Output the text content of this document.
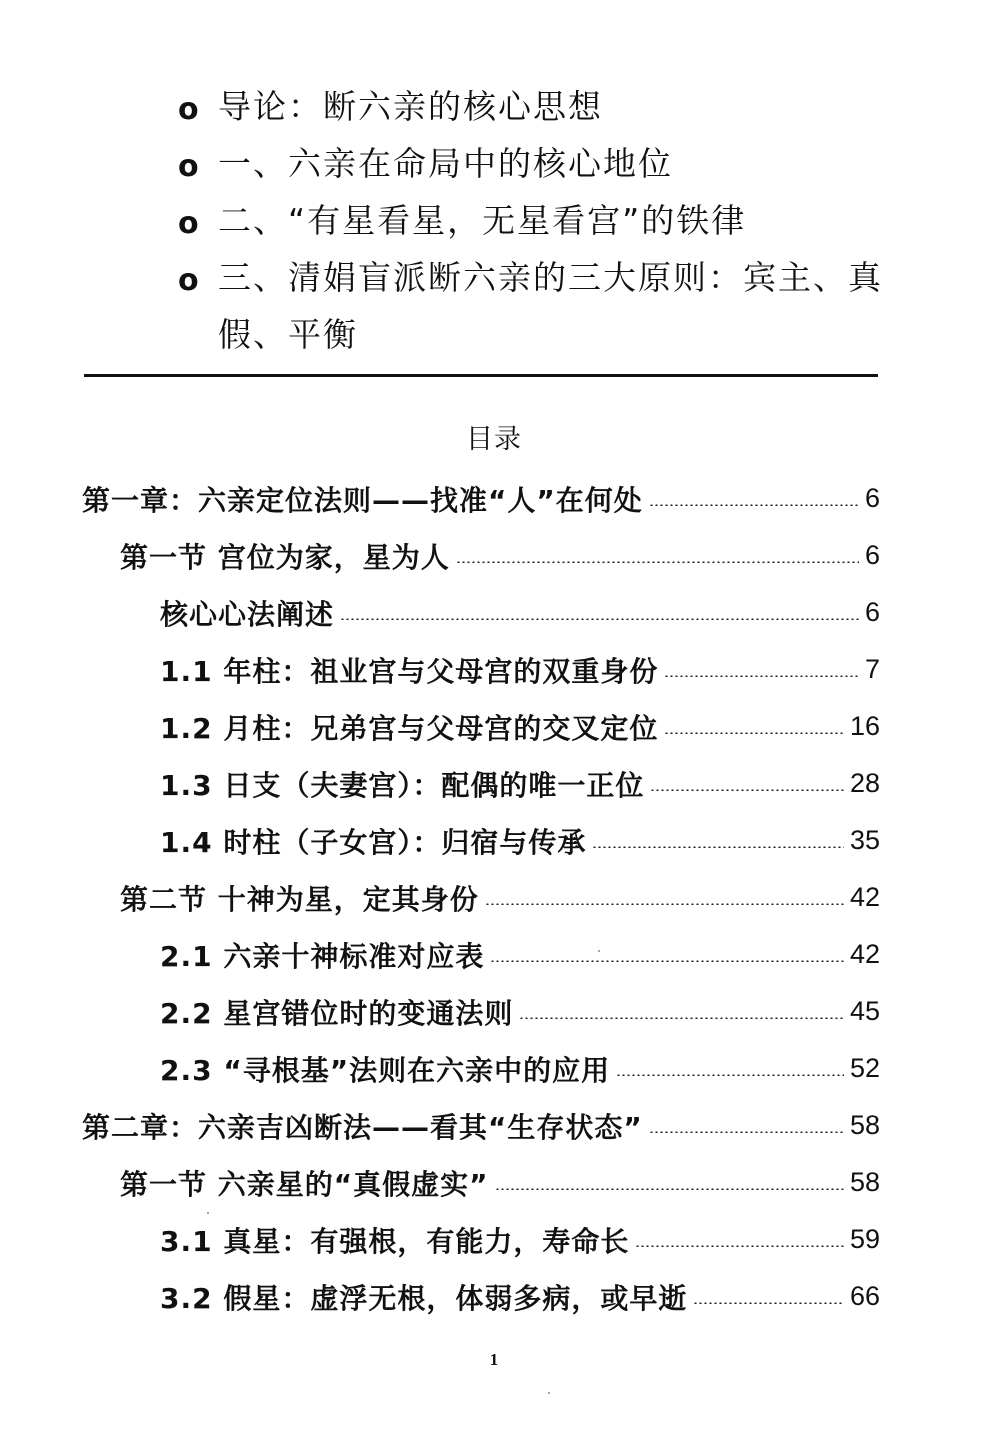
o 导论：断六亲的核心思想
o 一、六亲在命局中的核心地位
o 二、“有星看星，无星看宫”的铁律
o 三、清娟盲派断六亲的三大原则：宾主、真假、平衡
目录
第一章：六亲定位法则——找准“人”在何处	6
第一节 宫位为家，星为人	6
核心心法阐述	6
1.1 年柱：祖业宫与父母宫的双重身份	7
1.2 月柱：兄弟宫与父母宫的交叉定位	16
1.3 日支（夫妻宫）：配偶的唯一正位	28
1.4 时柱（子女宫）：归宿与传承	35
第二节 十神为星，定其身份	42
2.1 六亲十神标准对应表	42
2.2 星宫错位时的变通法则	45
2.3 “寻根基”法则在六亲中的应用	52
第二章：六亲吉凶断法——看其“生存状态”	58
第一节 六亲星的“真假虚实”	58
3.1 真星：有强根，有能力，寿命长	59
3.2 假星：虚浮无根，体弱多病，或早逝	66
1
